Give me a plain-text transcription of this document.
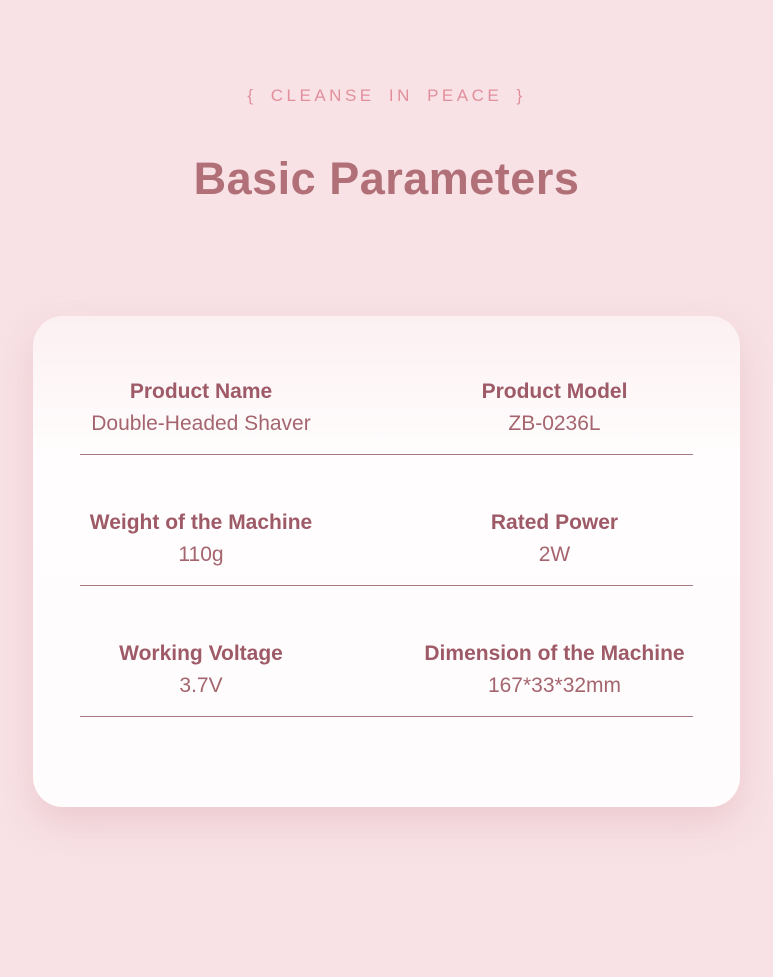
{ CLEANSE IN PEACE }
Basic Parameters
Product Name
Double-Headed Shaver
Product Model
ZB-0236L
Weight of the Machine
110g
Rated Power
2W
Working Voltage
3.7V
Dimension of the Machine
167*33*32mm
